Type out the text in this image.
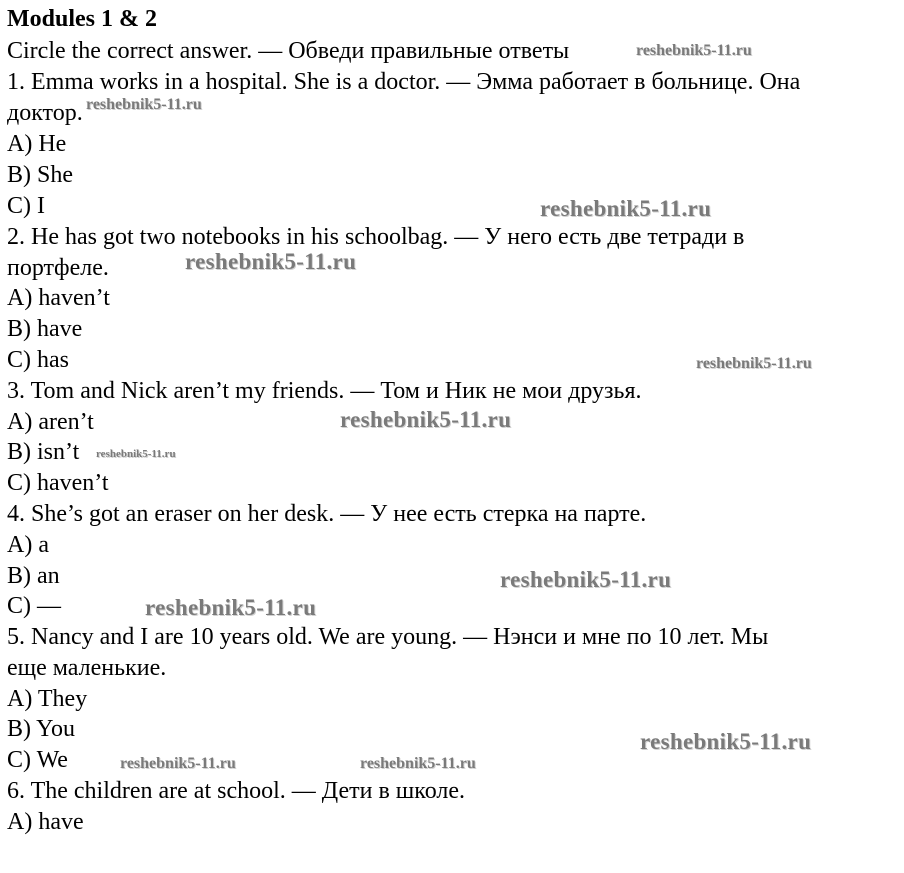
Modules 1 & 2
Circle the correct answer. — Обведи правильные ответы
1. Emma works in a hospital. She is a doctor. — Эмма работает в больнице. Она
доктор.
A) He
B) She
C) I
2. He has got two notebooks in his schoolbag. — У него есть две тетради в
портфеле.
A) haven’t
B) have
C) has
3. Tom and Nick aren’t my friends. — Том и Ник не мои друзья.
A) aren’t
B) isn’t
C) haven’t
4. She’s got an eraser on her desk. — У нее есть стерка на парте.
A) a
B) an
C) —
5. Nancy and I are 10 years old. We are young. — Нэнси и мне по 10 лет. Мы
еще маленькие.
A) They
B) You
C) We
6. The children are at school. — Дети в школе.
A) have
reshebnik5-11.ru
reshebnik5-11.ru
reshebnik5-11.ru
reshebnik5-11.ru
reshebnik5-11.ru
reshebnik5-11.ru
reshebnik5-11.ru
reshebnik5-11.ru
reshebnik5-11.ru
reshebnik5-11.ru
reshebnik5-11.ru	reshebnik5-11.ru
